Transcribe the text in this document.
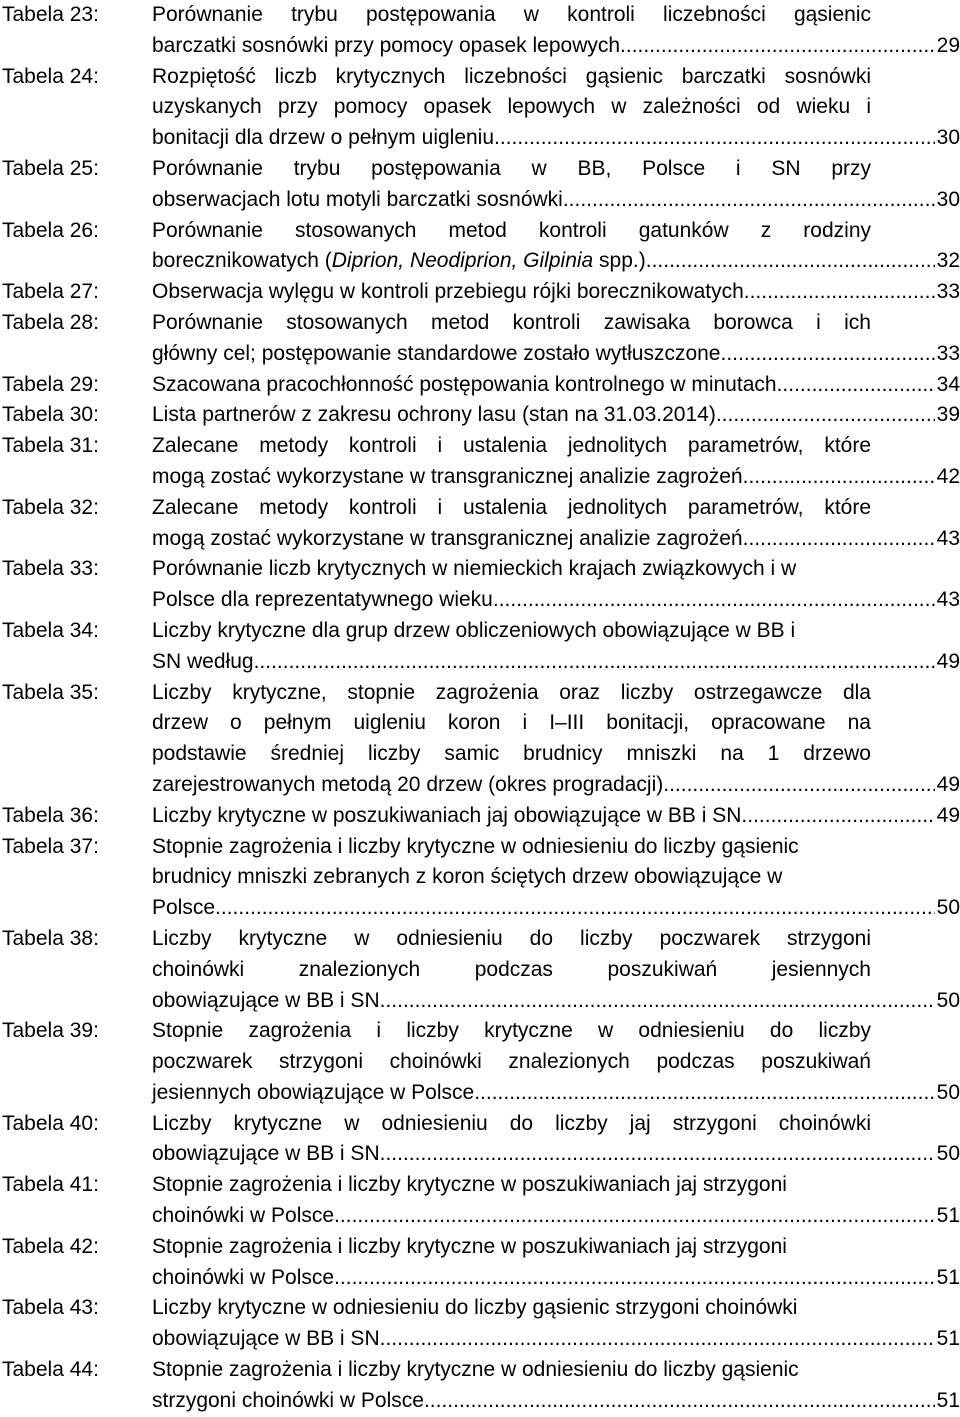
Tabela 23:	Porównanie trybu postępowania w kontroli liczebności gąsienic
barczatki sosnówki przy pomocy opasek lepowych. .....	29
Tabela 24:	Rozpiętość liczb krytycznych liczebności gąsienic barczatki sosnówki
uzyskanych przy pomocy opasek lepowych w zależności od wieku i
bonitacji dla drzew o pełnym uigleniu. .....	30
Tabela 25:	Porównanie trybu postępowania w BB, Polsce i SN przy
obserwacjach lotu motyli barczatki sosnówki. .....	30
Tabela 26:	Porównanie stosowanych metod kontroli gatunków z rodziny
borecznikowatych (Diprion, Neodiprion, Gilpinia spp.) .....	32
Tabela 27:	Obserwacja wylęgu w kontroli przebiegu rójki borecznikowatych .....	33
Tabela 28:	Porównanie stosowanych metod kontroli zawisaka borowca i ich
główny cel; postępowanie standardowe zostało wytłuszczone .....	33
Tabela 29:	Szacowana pracochłonność postępowania kontrolnego w minutach .....	34
Tabela 30:	Lista partnerów z zakresu ochrony lasu (stan na 31.03.2014) .....	39
Tabela 31:	Zalecane metody kontroli i ustalenia jednolitych parametrów, które
mogą zostać wykorzystane w transgranicznej analizie zagrożeń .....	42
Tabela 32:	Zalecane metody kontroli i ustalenia jednolitych parametrów, które
mogą zostać wykorzystane w transgranicznej analizie zagrożeń .....	43
Tabela 33:	Porównanie liczb krytycznych w niemieckich krajach związkowych i w
Polsce dla reprezentatywnego wieku .....	43
Tabela 34:	Liczby krytyczne dla grup drzew obliczeniowych obowiązujące w BB i
SN według .....	49
Tabela 35:	Liczby krytyczne, stopnie zagrożenia oraz liczby ostrzegawcze dla
drzew o pełnym uigleniu koron i I–III bonitacji, opracowane na
podstawie średniej liczby samic brudnicy mniszki na 1 drzewo
zarejestrowanych metodą 20 drzew (okres progradacji) .....	49
Tabela 36:	Liczby krytyczne w poszukiwaniach jaj obowiązujące w BB i SN. .....	49
Tabela 37:	Stopnie zagrożenia i liczby krytyczne w odniesieniu do liczby gąsienic
brudnicy mniszki zebranych z koron ściętych drzew obowiązujące w
Polsce .....	50
Tabela 38:	Liczby krytyczne w odniesieniu do liczby poczwarek strzygoni
choinówki znalezionych podczas poszukiwań jesiennych
obowiązujące w BB i SN .....	50
Tabela 39:	Stopnie zagrożenia i liczby krytyczne w odniesieniu do liczby
poczwarek strzygoni choinówki znalezionych podczas poszukiwań
jesiennych obowiązujące w Polsce .....	50
Tabela 40:	Liczby krytyczne w odniesieniu do liczby jaj strzygoni choinówki
obowiązujące w BB i SN .....	50
Tabela 41:	Stopnie zagrożenia i liczby krytyczne w poszukiwaniach jaj strzygoni
choinówki w Polsce .....	51
Tabela 42:	Stopnie zagrożenia i liczby krytyczne w poszukiwaniach jaj strzygoni
choinówki w Polsce .....	51
Tabela 43:	Liczby krytyczne w odniesieniu do liczby gąsienic strzygoni choinówki
obowiązujące w BB i SN .....	51
Tabela 44:	Stopnie zagrożenia i liczby krytyczne w odniesieniu do liczby gąsienic
strzygoni choinówki w Polsce .....	51
